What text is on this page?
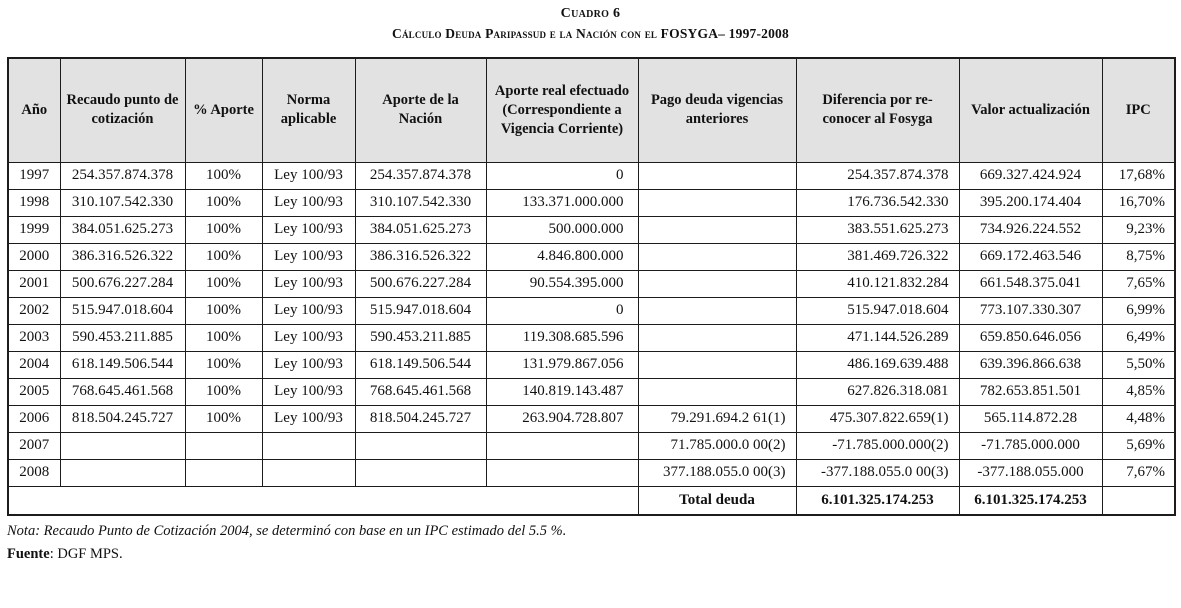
Cuadro 6
Cálculo Deuda Paripassud e la Nación con el FOSYGA– 1997-2008
Año	Recaudo punto de cotización	% Aporte	Norma aplicable	Aporte de la Nación	Aporte real efectuado (Correspondiente a Vigencia Corriente)	Pago deuda vigencias anteriores	Diferencia por re-conocer al Fosyga	Valor actualización	IPC
1997	254.357.874.378	100%	Ley 100/93	254.357.874.378	0		254.357.874.378	669.327.424.924	17,68%
1998	310.107.542.330	100%	Ley 100/93	310.107.542.330	133.371.000.000		176.736.542.330	395.200.174.404	16,70%
1999	384.051.625.273	100%	Ley 100/93	384.051.625.273	500.000.000		383.551.625.273	734.926.224.552	9,23%
2000	386.316.526.322	100%	Ley 100/93	386.316.526.322	4.846.800.000		381.469.726.322	669.172.463.546	8,75%
2001	500.676.227.284	100%	Ley 100/93	500.676.227.284	90.554.395.000		410.121.832.284	661.548.375.041	7,65%
2002	515.947.018.604	100%	Ley 100/93	515.947.018.604	0		515.947.018.604	773.107.330.307	6,99%
2003	590.453.211.885	100%	Ley 100/93	590.453.211.885	119.308.685.596		471.144.526.289	659.850.646.056	6,49%
2004	618.149.506.544	100%	Ley 100/93	618.149.506.544	131.979.867.056		486.169.639.488	639.396.866.638	5,50%
2005	768.645.461.568	100%	Ley 100/93	768.645.461.568	140.819.143.487		627.826.318.081	782.653.851.501	4,85%
2006	818.504.245.727	100%	Ley 100/93	818.504.245.727	263.904.728.807	79.291.694.2 61(1)	475.307.822.659(1)	565.114.872.28	4,48%
2007						71.785.000.0 00(2)	-71.785.000.000(2)	-71.785.000.000	5,69%
2008						377.188.055.0 00(3)	-377.188.055.0 00(3)	-377.188.055.000	7,67%
						Total deuda	6.101.325.174.253	6.101.325.174.253	
Nota: Recaudo Punto de Cotización 2004, se determinó con base en un IPC estimado del 5.5 %.
Fuente: DGF MPS.
